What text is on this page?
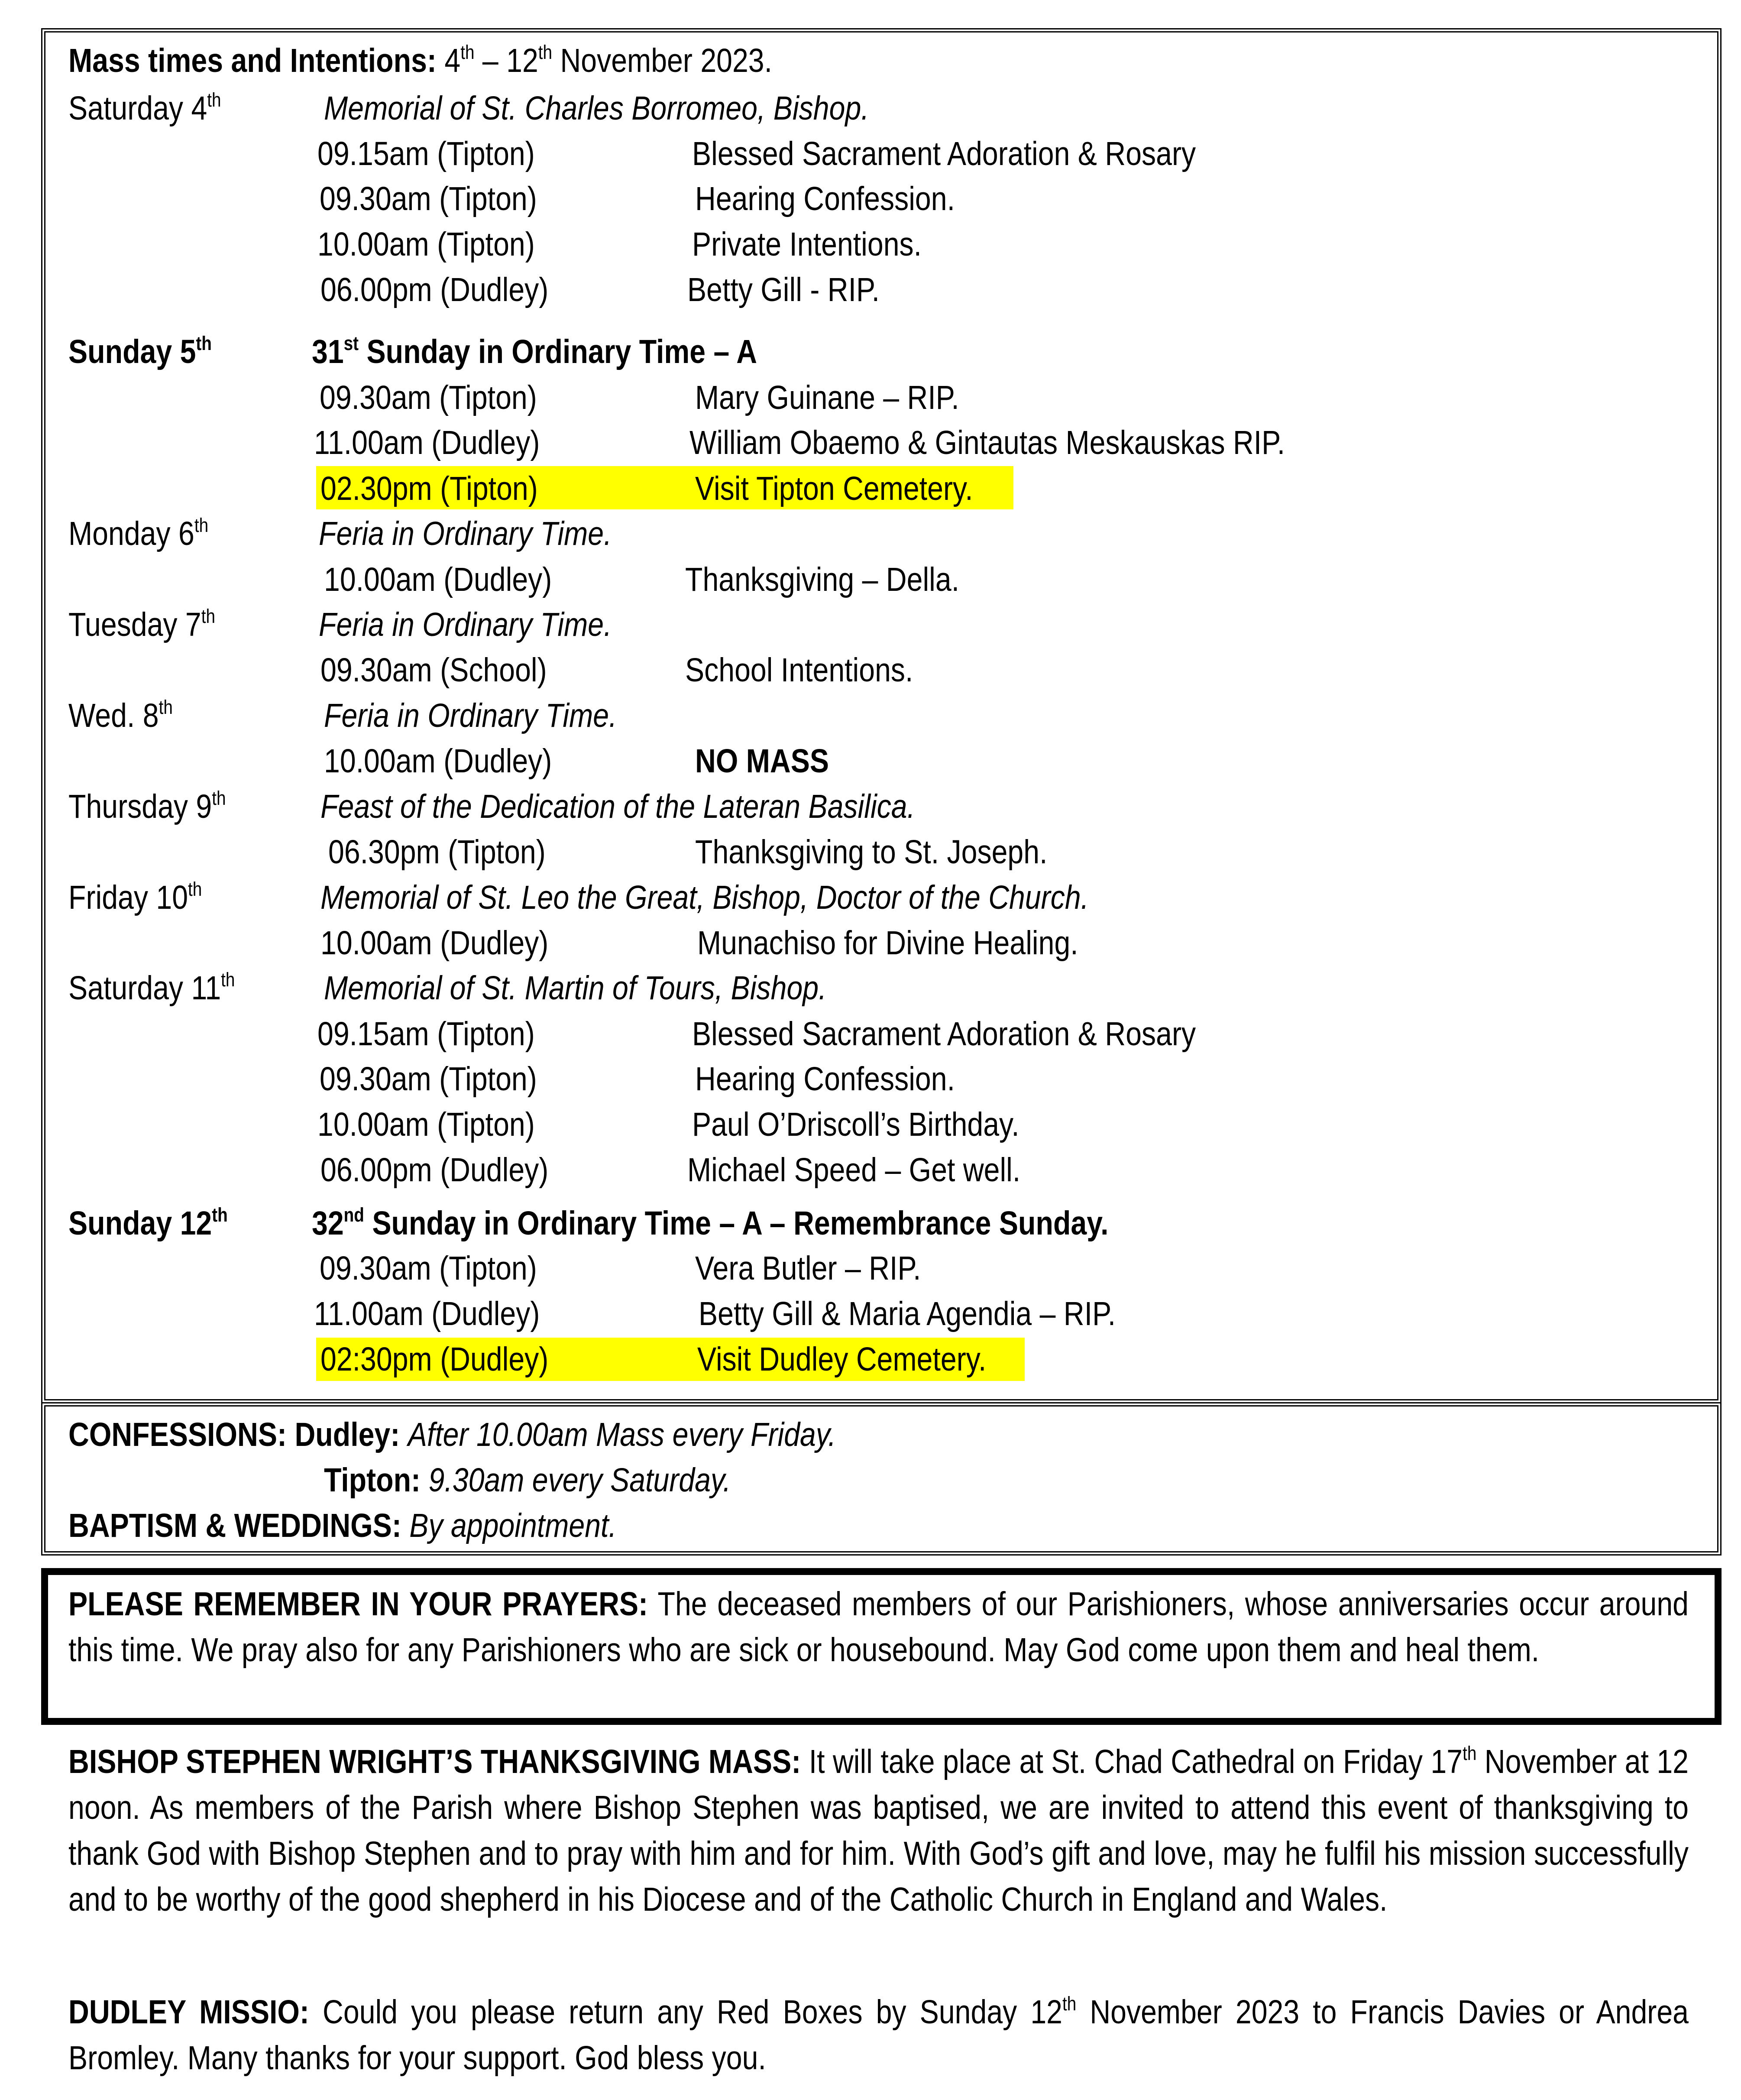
Mass times and Intentions: 4th – 12th November 2023.
Saturday 4th	Memorial of St. Charles Borromeo, Bishop.
09.15am (Tipton)	Blessed Sacrament Adoration & Rosary
09.30am (Tipton)	Hearing Confession.
10.00am (Tipton)	Private Intentions.
06.00pm (Dudley)	Betty Gill - RIP.
Sunday 5th	31st Sunday in Ordinary Time – A
09.30am (Tipton)	Mary Guinane – RIP.
11.00am (Dudley)	William Obaemo & Gintautas Meskauskas RIP.
02.30pm (Tipton)	Visit Tipton Cemetery.
Monday 6th	Feria in Ordinary Time.
10.00am (Dudley)	Thanksgiving – Della.
Tuesday 7th	Feria in Ordinary Time.
09.30am (School)	School Intentions.
Wed. 8th	Feria in Ordinary Time.
10.00am (Dudley)	NO MASS
Thursday 9th	Feast of the Dedication of the Lateran Basilica.
06.30pm (Tipton)	Thanksgiving to St. Joseph.
Friday 10th	Memorial of St. Leo the Great, Bishop, Doctor of the Church.
10.00am (Dudley)	Munachiso for Divine Healing.
Saturday 11th	Memorial of St. Martin of Tours, Bishop.
09.15am (Tipton)	Blessed Sacrament Adoration & Rosary
09.30am (Tipton)	Hearing Confession.
10.00am (Tipton)	Paul O’Driscoll’s Birthday.
06.00pm (Dudley)	Michael Speed – Get well.
Sunday 12th	32nd Sunday in Ordinary Time – A – Remembrance Sunday.
09.30am (Tipton)	Vera Butler – RIP.
11.00am (Dudley)	Betty Gill & Maria Agendia – RIP.
02:30pm (Dudley)	Visit Dudley Cemetery.
CONFESSIONS: Dudley: After 10.00am Mass every Friday.
Tipton: 9.30am every Saturday.
BAPTISM & WEDDINGS: By appointment.
PLEASE REMEMBER IN YOUR PRAYERS: The deceased members of our Parishioners, whose anniversaries occur around this time. We pray also for any Parishioners who are sick or housebound. May God come upon them and heal them.
BISHOP STEPHEN WRIGHT’S THANKSGIVING MASS: It will take place at St. Chad Cathedral on Friday 17th November at 12 noon. As members of the Parish where Bishop Stephen was baptised, we are invited to attend this event of thanksgiving to thank God with Bishop Stephen and to pray with him and for him. With God’s gift and love, may he fulfil his mission successfully and to be worthy of the good shepherd in his Diocese and of the Catholic Church in England and Wales.
DUDLEY MISSIO: Could you please return any Red Boxes by Sunday 12th November 2023 to Francis Davies or Andrea Bromley. Many thanks for your support. God bless you.
